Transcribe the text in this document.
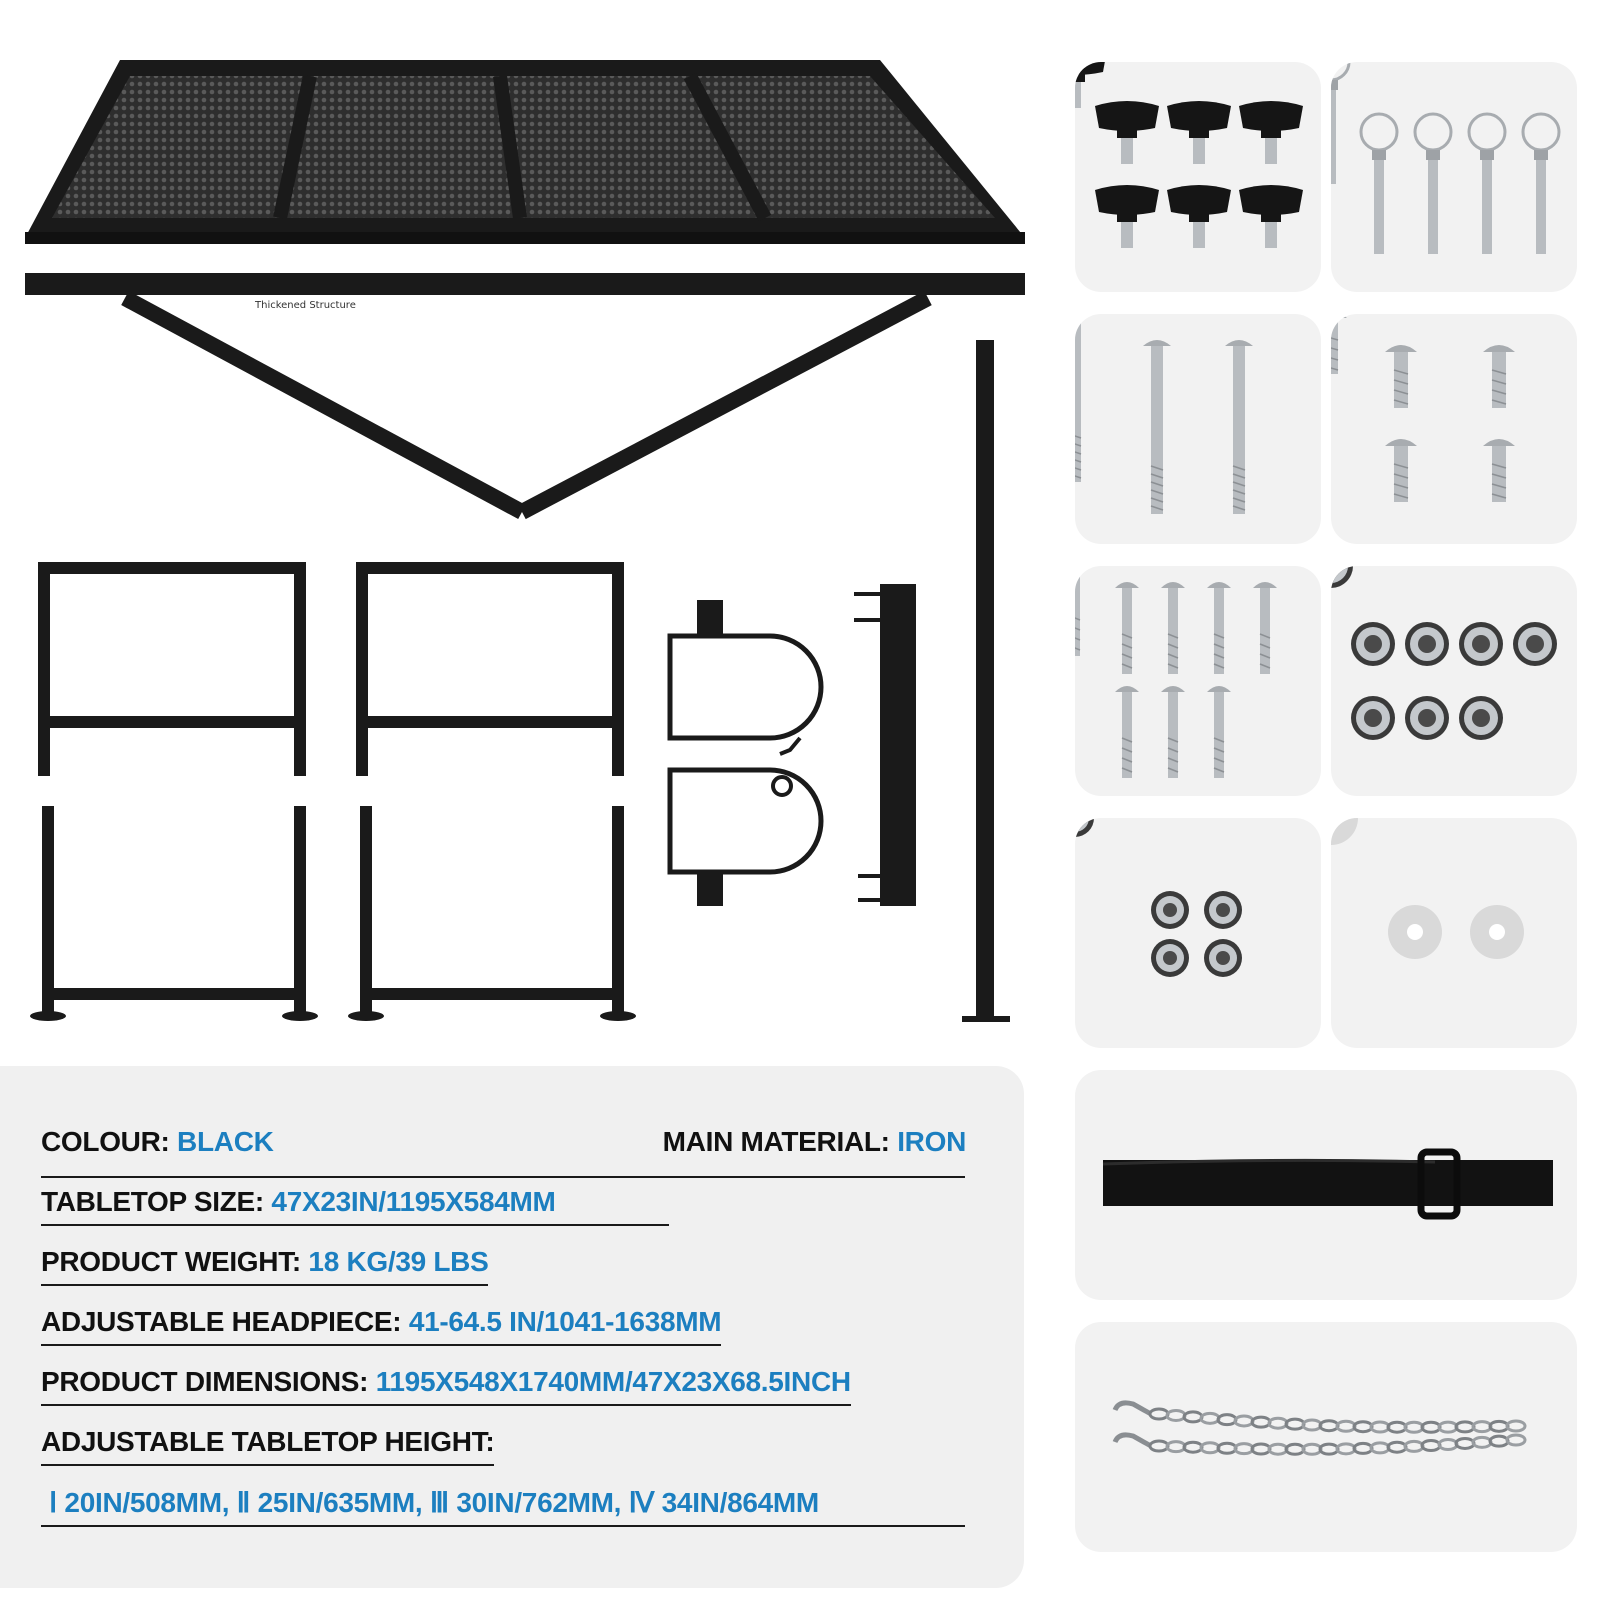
Thickened Structure
COLOUR: BLACK	MAIN MATERIAL: IRON
TABLETOP SIZE: 47X23IN/1195X584MM
PRODUCT WEIGHT: 18 KG/39 LBS
ADJUSTABLE HEADPIECE: 41-64.5 IN/1041-1638MM
PRODUCT DIMENSIONS: 1195X548X1740MM/47X23X68.5INCH
ADJUSTABLE TABLETOP HEIGHT:
Ⅰ 20IN/508MM, Ⅱ 25IN/635MM, Ⅲ 30IN/762MM, Ⅳ 34IN/864MM
